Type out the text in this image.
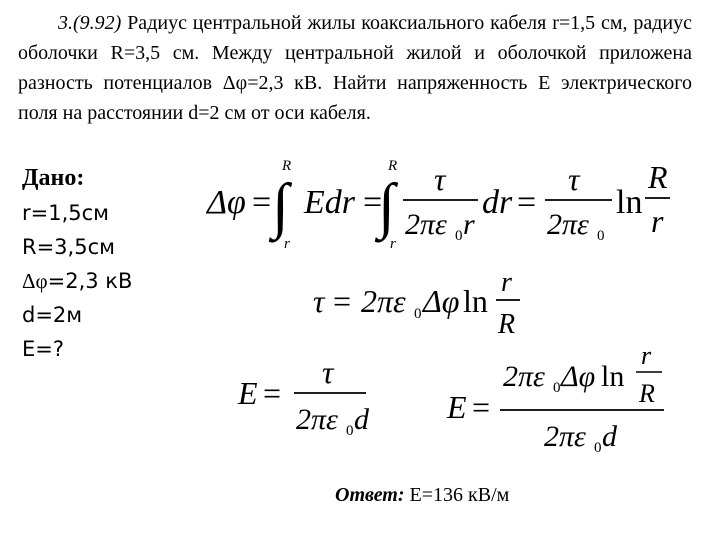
3.(9.92) Радиус центральной жилы коаксиального кабеля r=1,5 см, радиус оболочки R=3,5 см. Между центральной жилой и оболочкой приложена разность потенциалов Δφ=2,3 кВ. Найти напряженность E электрического поля на расстоянии d=2 см от оси кабеля.
Дано:
r=1,5см
R=3,5см
Δφ=2,3 кВ
d=2м
E=?
Δφ =
R
∫
r
Edr =
R
∫
r
τ
2πε 0 r
dr =
τ
2πε 0
ln
R
r
τ = 2πε 0 Δφ ln
r
R
E =
τ
2πε 0 d E =
2πε 0 Δφ ln
r
R
2πε 0 d
Ответ: E=136 кВ/м
